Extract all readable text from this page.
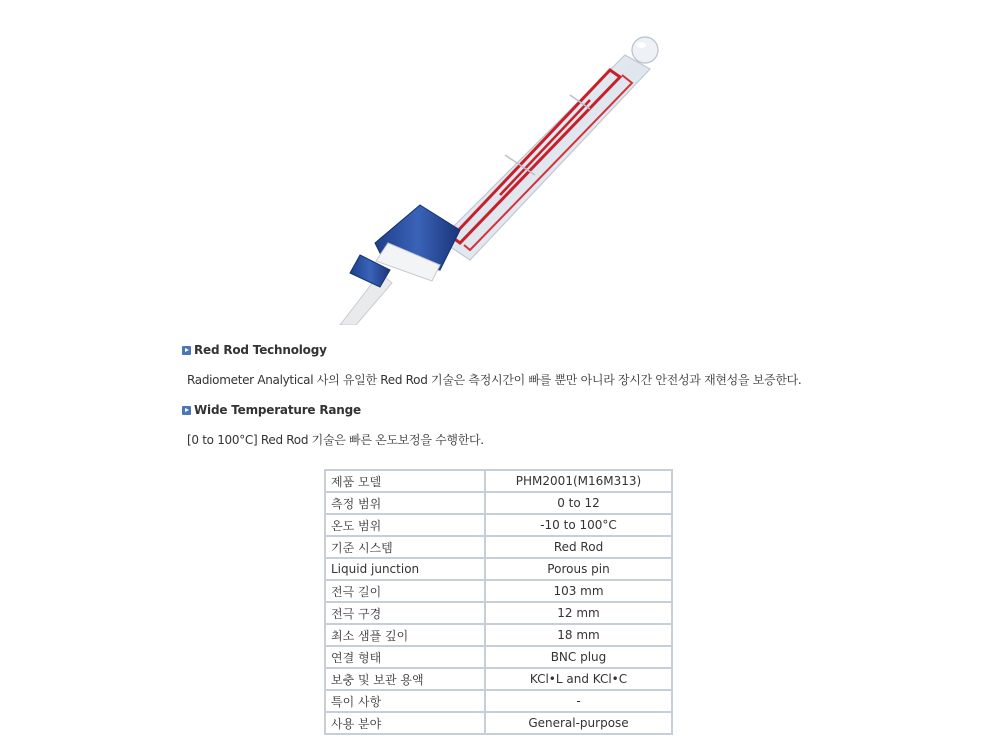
Red Rod Technology
Radiometer Analytical 사의 유일한 Red Rod 기술은 측정시간이 빠를 뿐만 아니라 장시간 안전성과 재현성을 보증한다.
Wide Temperature Range
[0 to 100°C] Red Rod 기술은 빠른 온도보정을 수행한다.
제품 모델	PHM2001(M16M313)
측정 범위	0 to 12
온도 범위	-10 to 100°C
기준 시스템	Red Rod
Liquid junction	Porous pin
전극 길이	103 mm
전극 구경	12 mm
최소 샘플 깊이	18 mm
연결 형태	BNC plug
보충 및 보관 용액	KCl•L and KCl•C
특이 사항	-
사용 분야	General-purpose
